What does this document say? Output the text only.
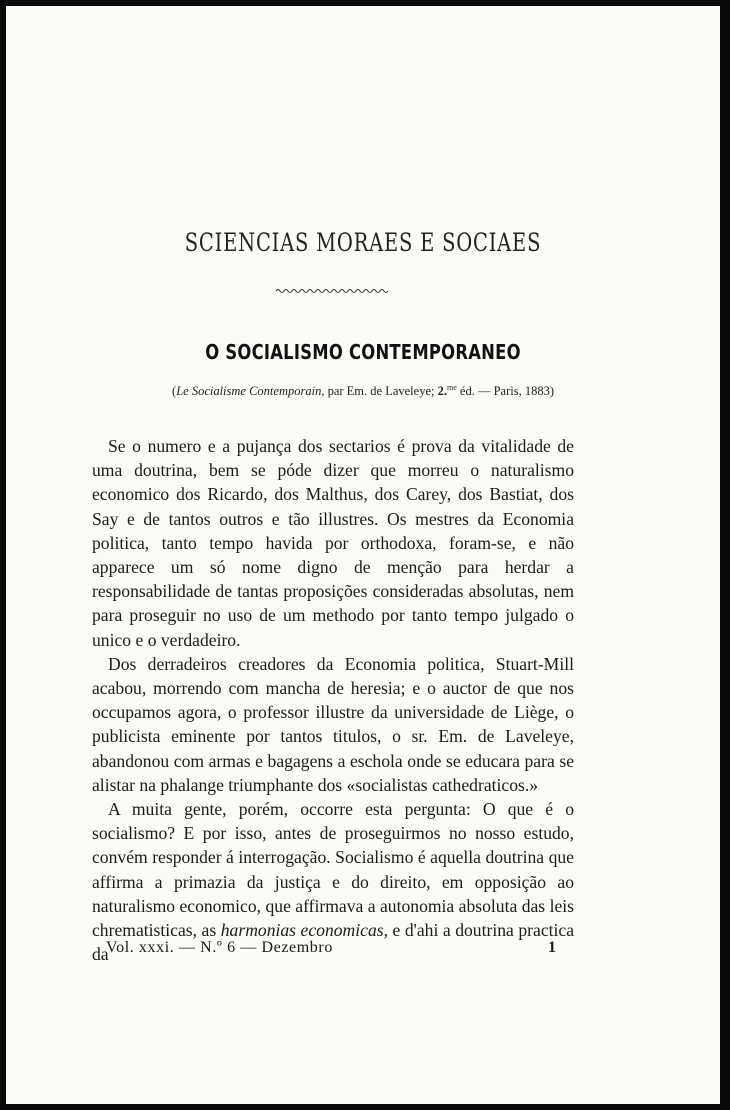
SCIENCIAS MORAES E SOCIAES
O SOCIALISMO CONTEMPORANEO
(Le Socialisme Contemporain, par Em. de Laveleye; 2.$^{me}$ éd. — Paris, 1883)

Se o numero e a pujança dos sectarios é prova da vitalidade de uma doutrina, bem se póde dizer que morreu o naturalismo economico dos Ricardo, dos Malthus, dos Carey, dos Bastiat, dos Say e de tantos outros e tão illustres. Os mestres da Economia politica, tanto tempo havida por orthodoxa, foram-se, e não apparece um só nome digno de menção para herdar a responsabilidade de tantas proposições consideradas absolutas, nem para proseguir no uso de um methodo por tanto tempo julgado o unico e o verdadeiro.

Dos derradeiros creadores da Economia politica, Stuart-Mill acabou, morrendo com mancha de heresia; e o auctor de que nos occupamos agora, o professor illustre da universidade de Liège, o publicista eminente por tantos titulos, o sr. Em. de Laveleye, abandonou com armas e bagagens a eschola onde se educara para se alistar na phalange triumphante dos «socialistas cathedraticos.»

A muita gente, porém, occorre esta pergunta: O que é o socialismo? E por isso, antes de proseguirmos no nosso estudo, convém responder á interrogação. Socialismo é aquella doutrina que affirma a primazia da justiça e do direito, em opposição ao naturalismo economico, que affirmava a autonomia absoluta das leis chrematisticas, as harmonias economicas, e d'ahi a doutrina practica da

Vol. xxxi. — N.º 6 — Dezembro	1
